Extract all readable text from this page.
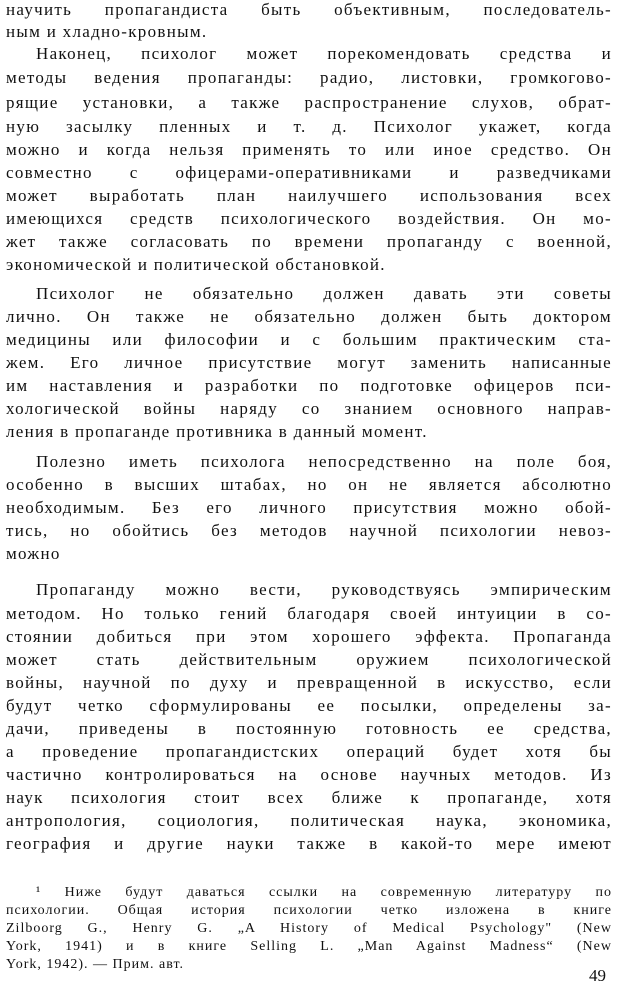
научить пропагандиста быть объективным, последователь-
ным и хладно-кровным.
Наконец, психолог может порекомендовать средства и
методы ведения пропаганды: радио, листовки, громкогово-
рящие установки, а также распространение слухов, обрат-
ную засылку пленных и т. д. Психолог укажет, когда
можно и когда нельзя применять то или иное средство. Он
совместно с офицерами-оперативниками и разведчиками
может выработать план наилучшего использования всех
имеющихся средств психологического воздействия. Он мо-
жет также согласовать по времени пропаганду с военной,
экономической и политической обстановкой.
Психолог не обязательно должен давать эти советы
лично. Он также не обязательно должен быть доктором
медицины или философии и с большим практическим ста-
жем. Его личное присутствие могут заменить написанные
им наставления и разработки по подготовке офицеров пси-
хологической войны наряду со знанием основного направ-
ления в пропаганде противника в данный момент.
Полезно иметь психолога непосредственно на поле боя,
особенно в высших штабах, но он не является абсолютно
необходимым. Без его личного присутствия можно обой-
тись, но обойтись без методов научной психологии невоз-
можно
Пропаганду можно вести, руководствуясь эмпирическим
методом. Но только гений благодаря своей интуиции в со-
стоянии добиться при этом хорошего эффекта. Пропаганда
может стать действительным оружием психологической
войны, научной по духу и превращенной в искусство, если
будут четко сформулированы ее посылки, определены за-
дачи, приведены в постоянную готовность ее средства,
а проведение пропагандистских операций будет хотя бы
частично контролироваться на основе научных методов. Из
наук психология стоит всех ближе к пропаганде, хотя
антропология, социология, политическая наука, экономика,
география и другие науки также в какой-то мере имеют
¹ Ниже будут даваться ссылки на современную литературу по
психологии. Общая история психологии четко изложена в книге
Zilboorg G., Henry G. „A History of Medical Psychology" (New
York, 1941) и в книге Selling L. „Man Against Madness“ (New
York, 1942). — Прим. авт.
49
